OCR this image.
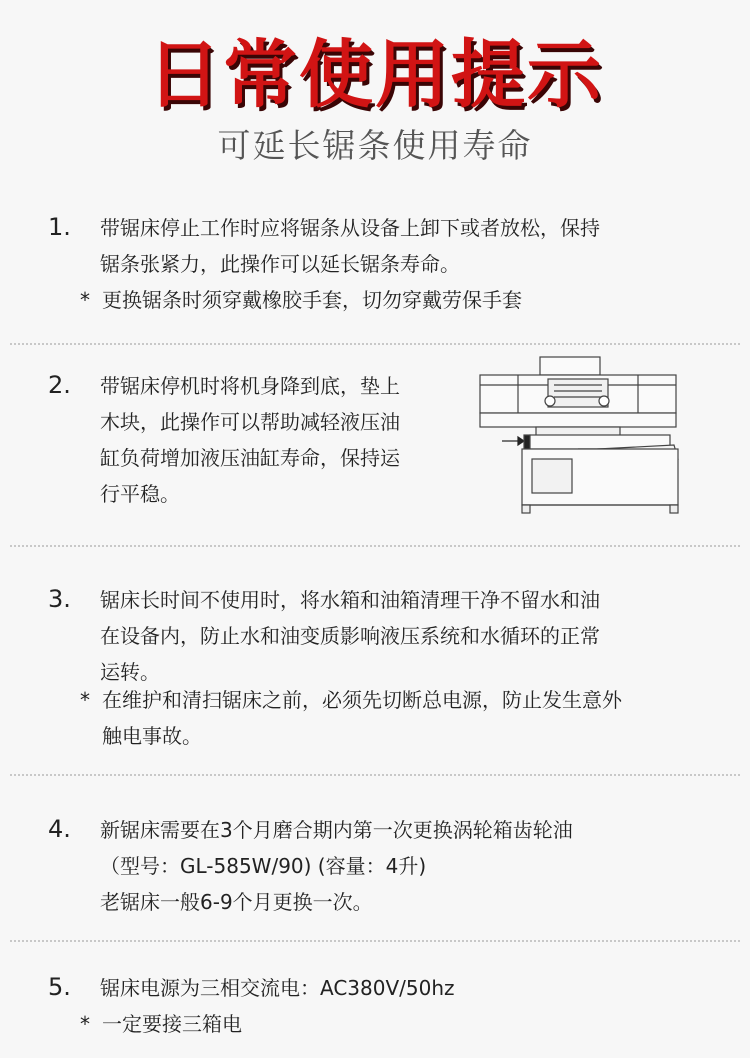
日常使用提示
可延长锯条使用寿命
1. 带锯床停止工作时应将锯条从设备上卸下或者放松，保持
锯条张紧力，此操作可以延长锯条寿命。
* 更换锯条时须穿戴橡胶手套，切勿穿戴劳保手套
2. 带锯床停机时将机身降到底，垫上
木块，此操作可以帮助减轻液压油
缸负荷增加液压油缸寿命，保持运
行平稳。
3. 锯床长时间不使用时，将水箱和油箱清理干净不留水和油
在设备内，防止水和油变质影响液压系统和水循环的正常
运转。
* 在维护和清扫锯床之前，必须先切断总电源，防止发生意外
触电事故。
4. 新锯床需要在3个月磨合期内第一次更换涡轮箱齿轮油
（型号：GL-585W/90) (容量：4升)
老锯床一般6-9个月更换一次。
5. 锯床电源为三相交流电：AC380V/50hz
* 一定要接三箱电
